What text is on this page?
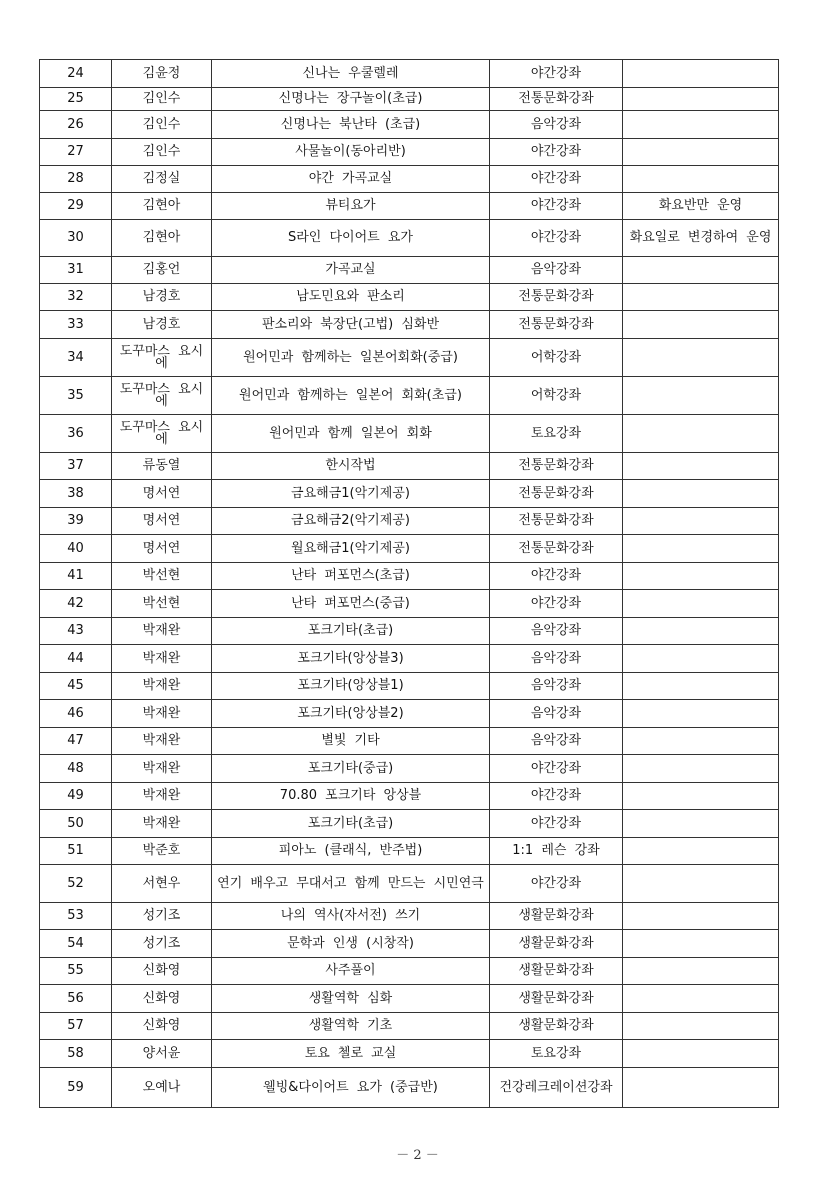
24	김윤정	신나는 우쿨렐레	야간강좌	
25	김인수	신명나는 장구놀이(초급)	전통문화강좌	
26	김인수	신명나는 북난타 (초급)	음악강좌	
27	김인수	사물놀이(동아리반)	야간강좌	
28	김정실	야간 가곡교실	야간강좌	
29	김현아	뷰티요가	야간강좌	화요반만 운영
30	김현아	S라인 다이어트 요가	야간강좌	화요일로 변경하여 운영
31	김홍언	가곡교실	음악강좌	
32	남경호	남도민요와 판소리	전통문화강좌	
33	남경호	판소리와 북장단(고법) 심화반	전통문화강좌	
34	도꾸마스 요시에	원어민과 함께하는 일본어회화(중급)	어학강좌	
35	도꾸마스 요시에	원어민과 함께하는 일본어 회화(초급)	어학강좌	
36	도꾸마스 요시에	원어민과 함께 일본어 회화	토요강좌	
37	류동열	한시작법	전통문화강좌	
38	명서연	금요해금1(악기제공)	전통문화강좌	
39	명서연	금요해금2(악기제공)	전통문화강좌	
40	명서연	월요해금1(악기제공)	전통문화강좌	
41	박선현	난타 퍼포먼스(초급)	야간강좌	
42	박선현	난타 퍼포먼스(중급)	야간강좌	
43	박재완	포크기타(초급)	음악강좌	
44	박재완	포크기타(앙상블3)	음악강좌	
45	박재완	포크기타(앙상블1)	음악강좌	
46	박재완	포크기타(앙상블2)	음악강좌	
47	박재완	별빛 기타	음악강좌	
48	박재완	포크기타(중급)	야간강좌	
49	박재완	70.80 포크기타 앙상블	야간강좌	
50	박재완	포크기타(초급)	야간강좌	
51	박준호	피아노 (클래식, 반주법)	1:1 레슨 강좌	
52	서현우	연기 배우고 무대서고 함께 만드는 시민연극	야간강좌	
53	성기조	나의 역사(자서전) 쓰기	생활문화강좌	
54	성기조	문학과 인생 (시창작)	생활문화강좌	
55	신화영	사주풀이	생활문화강좌	
56	신화영	생활역학 심화	생활문화강좌	
57	신화영	생활역학 기초	생활문화강좌	
58	양서윤	토요 첼로 교실	토요강좌	
59	오예나	웰빙&다이어트 요가 (중급반)	건강레크레이션강좌	
－ 2 －
